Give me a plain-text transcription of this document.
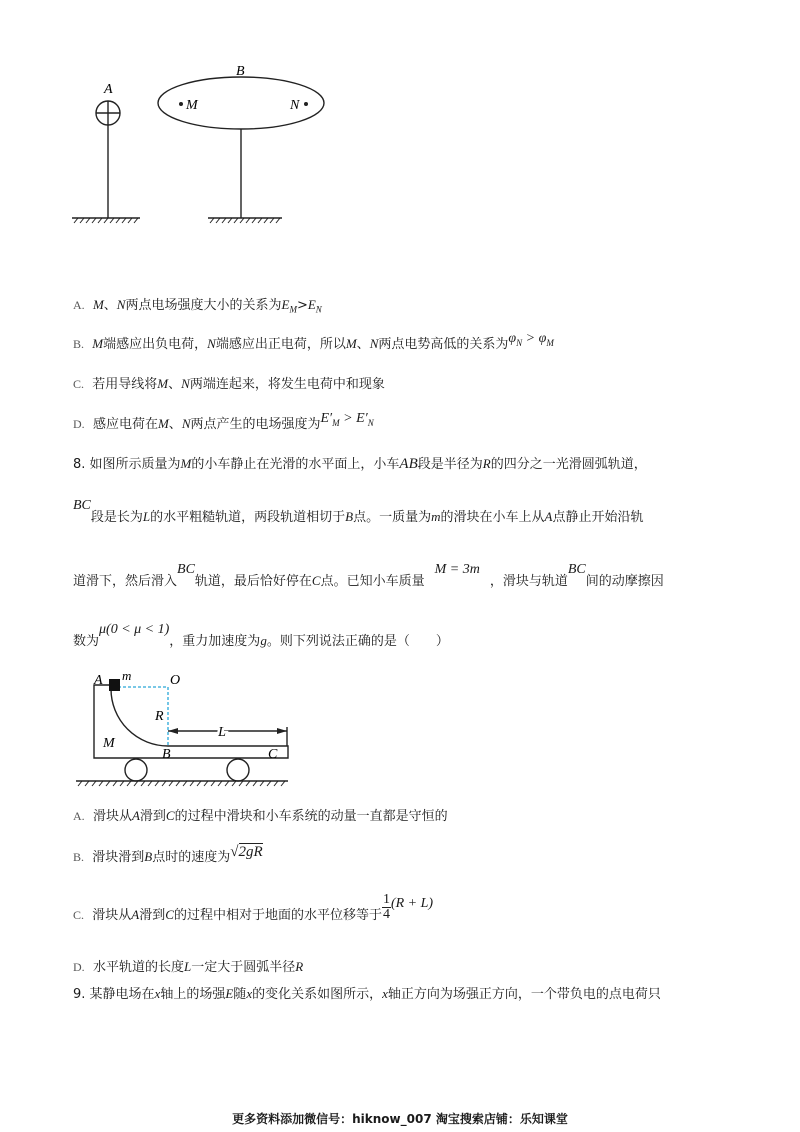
A
B
M	N
A. M、N两点电场强度大小的关系为$E_M>E_N$
B. M端感应出负电荷，N端感应出正电荷，所以M、N两点电势高低的关系为$\varphi_N > \varphi_M$
C. 若用导线将M、N两端连起来，将发生电荷中和现象
D. 感应电荷在M、N两点产生的电场强度为$E'_M > E'_N$
8. 如图所示质量为M的小车静止在光滑的水平面上，小车AB段是半径为R的四分之一光滑圆弧轨道，
BC段是长为L的水平粗糙轨道，两段轨道相切于B点。一质量为m的滑块在小车上从A点静止开始沿轨
道滑下，然后滑入BC轨道，最后恰好停在C点。已知小车质量M = 3m，滑块与轨道BC间的动摩擦因
数为μ(0 < μ < 1)，重力加速度为g。则下列说法正确的是（　　）
A m	O
R
M
L
B	C
A. 滑块从A滑到C的过程中滑块和小车系统的动量一直都是守恒的
B. 滑块滑到B点时的速度为√2gR
C. 滑块从A滑到C的过程中相对于地面的水平位移等于 $\frac{1}{4} (R + L)$
D. 水平轨道的长度L一定大于圆弧半径R
9. 某静电场在x轴上的场强E随x的变化关系如图所示，x轴正方向为场强正方向，一个带负电的点电荷只
更多资料添加微信号：hiknow_007 淘宝搜索店铺：乐知课堂
